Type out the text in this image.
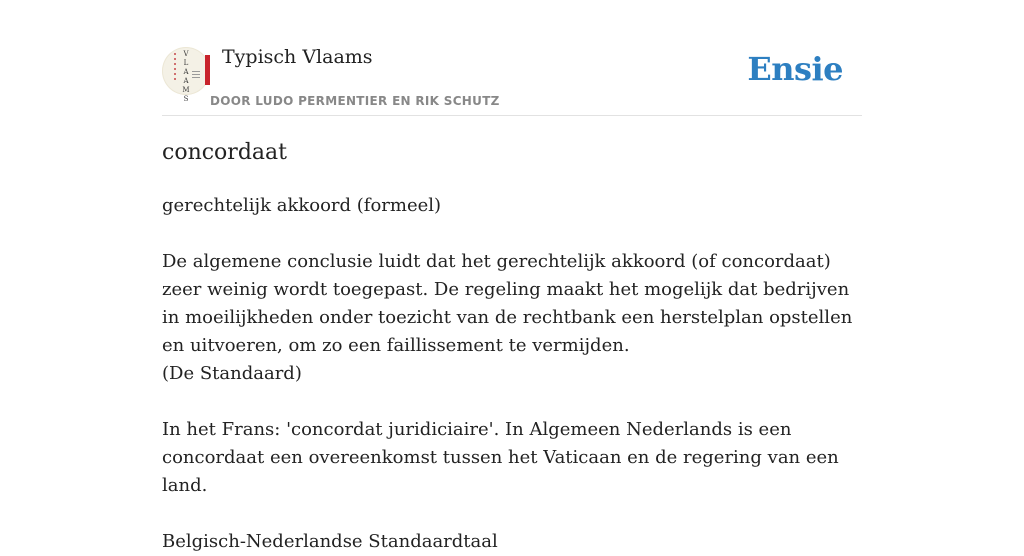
V
L
A
A
M
S
Typisch Vlaams
DOOR LUDO PERMENTIER EN RIK SCHUTZ
Ensie
concordaat

gerechtelijk akkoord (formeel)

De algemene conclusie luidt dat het gerechtelijk akkoord (of concordaat) zeer weinig wordt toegepast. De regeling maakt het mogelijk dat bedrijven in moeilijkheden onder toezicht van de rechtbank een herstelplan opstellen en uitvoeren, om zo een faillissement te vermijden.

(De Standaard)

In het Frans: 'concordat juridiciaire'. In Algemeen Nederlands is een concordaat een overeenkomst tussen het Vaticaan en de regering van een land.

Belgisch-Nederlandse Standaardtaal
